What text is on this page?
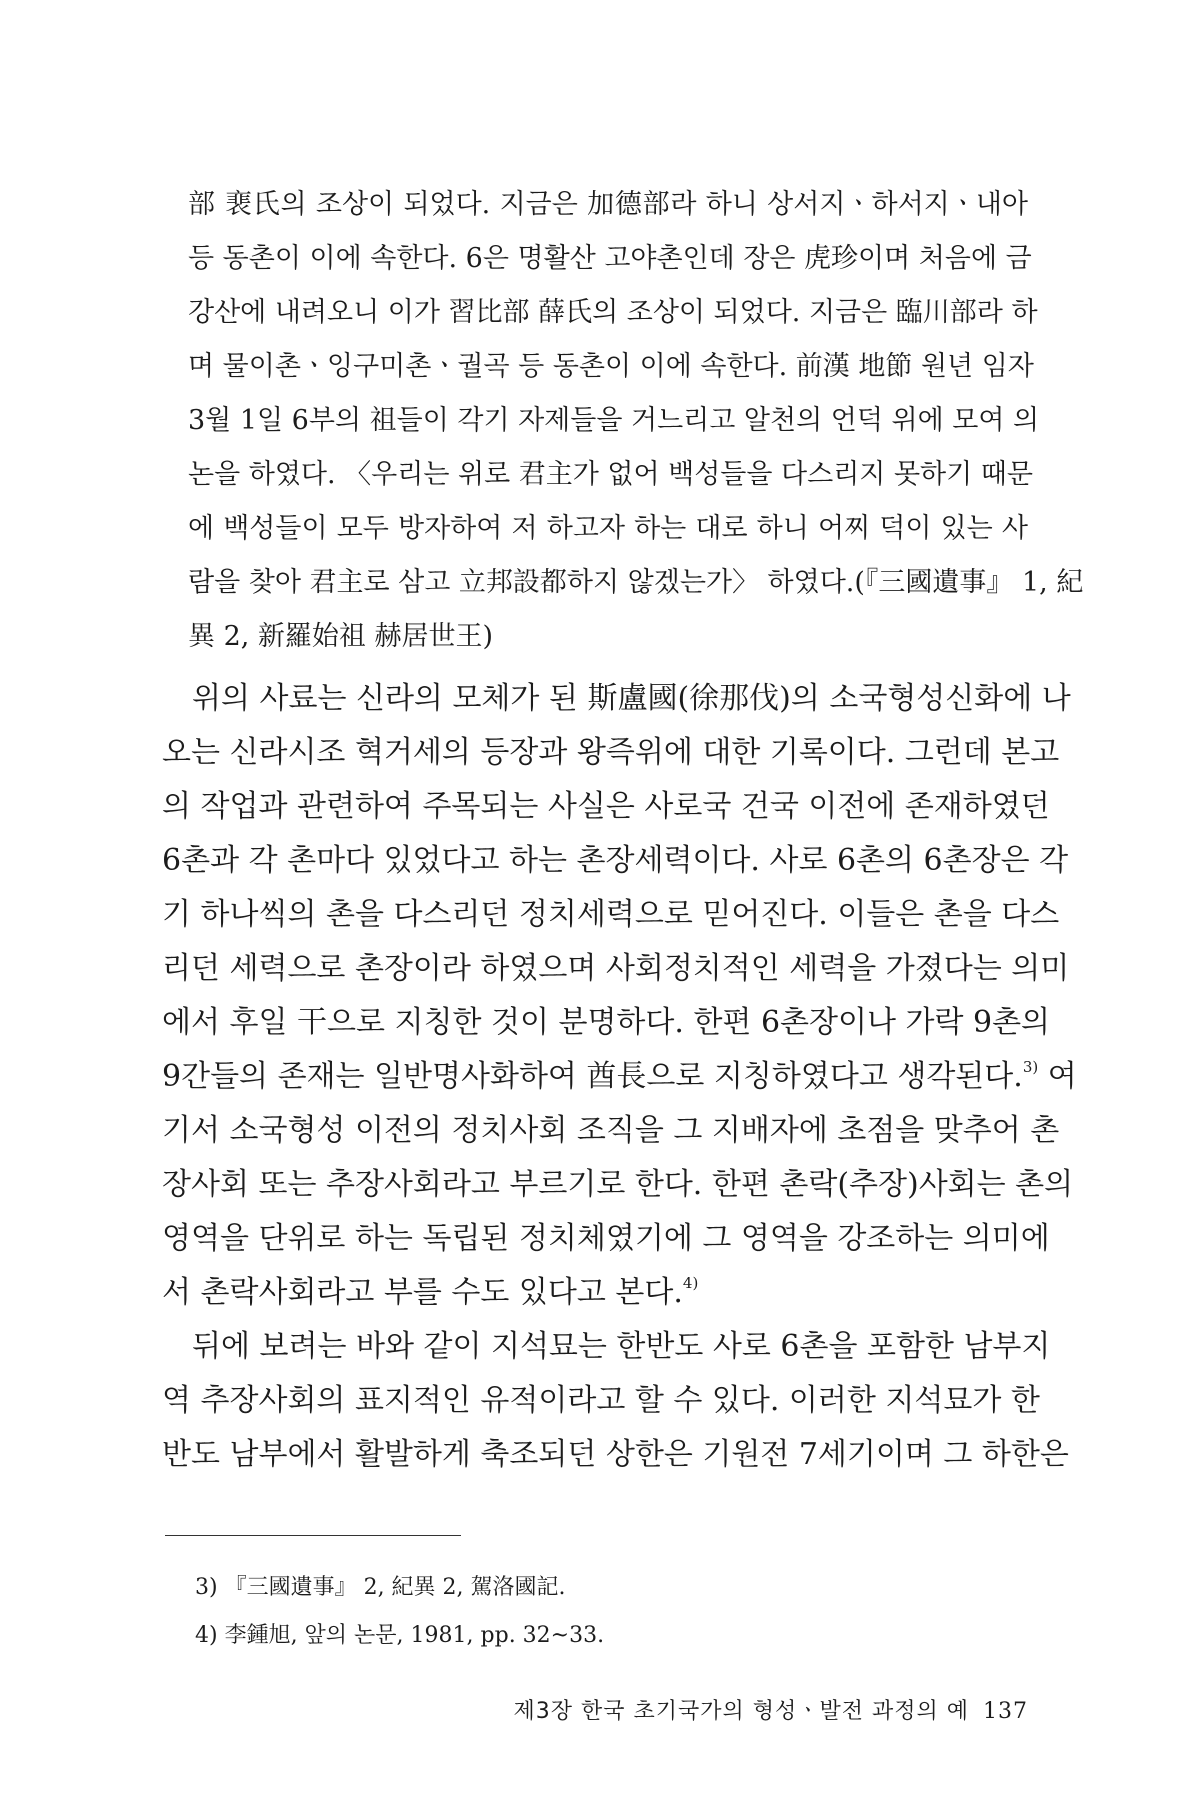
部 裵氏의 조상이 되었다. 지금은 加德部라 하니 상서지ㆍ하서지ㆍ내아
등 동촌이 이에 속한다. 6은 명활산 고야촌인데 장은 虎珍이며 처음에 금
강산에 내려오니 이가 習比部 薛氏의 조상이 되었다. 지금은 臨川部라 하
며 물이촌ㆍ잉구미촌ㆍ궐곡 등 동촌이 이에 속한다. 前漢 地節 원년 임자
3월 1일 6부의 祖들이 각기 자제들을 거느리고 알천의 언덕 위에 모여 의
논을 하였다. 〈우리는 위로 君主가 없어 백성들을 다스리지 못하기 때문
에 백성들이 모두 방자하여 저 하고자 하는 대로 하니 어찌 덕이 있는 사
람을 찾아 君主로 삼고 立邦設都하지 않겠는가〉 하였다.(『三國遺事』 1, 紀
異 2, 新羅始祖 赫居世王)

위의 사료는 신라의 모체가 된 斯盧國(徐那伐)의 소국형성신화에 나
오는 신라시조 혁거세의 등장과 왕즉위에 대한 기록이다. 그런데 본고
의 작업과 관련하여 주목되는 사실은 사로국 건국 이전에 존재하였던
6촌과 각 촌마다 있었다고 하는 촌장세력이다. 사로 6촌의 6촌장은 각
기 하나씩의 촌을 다스리던 정치세력으로 믿어진다. 이들은 촌을 다스
리던 세력으로 촌장이라 하였으며 사회정치적인 세력을 가졌다는 의미
에서 후일 干으로 지칭한 것이 분명하다. 한편 6촌장이나 가락 9촌의
9간들의 존재는 일반명사화하여 酋長으로 지칭하였다고 생각된다.$^{3)}$ 여
기서 소국형성 이전의 정치사회 조직을 그 지배자에 초점을 맞추어 촌
장사회 또는 추장사회라고 부르기로 한다. 한편 촌락(추장)사회는 촌의
영역을 단위로 하는 독립된 정치체였기에 그 영역을 강조하는 의미에
서 촌락사회라고 부를 수도 있다고 본다.$^{4)}$

뒤에 보려는 바와 같이 지석묘는 한반도 사로 6촌을 포함한 남부지
역 추장사회의 표지적인 유적이라고 할 수 있다. 이러한 지석묘가 한
반도 남부에서 활발하게 축조되던 상한은 기원전 7세기이며 그 하한은

3) 『三國遺事』 2, 紀異 2, 駕洛國記.
4) 李鍾旭, 앞의 논문, 1981, pp. 32~33.
제3장 한국 초기국가의 형성ㆍ발전 과정의 예 137
